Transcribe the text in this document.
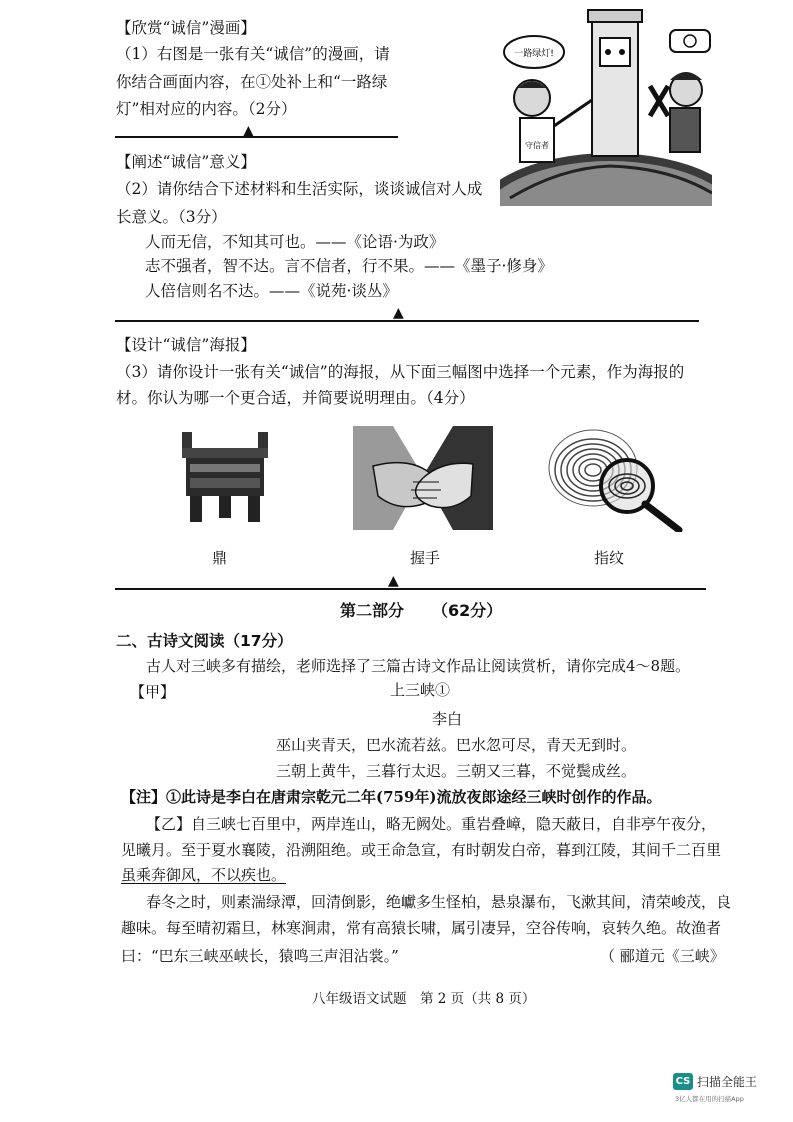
【欣赏“诚信”漫画】
（1）右图是一张有关“诚信”的漫画，请
你结合画面内容，在①处补上和“一路绿
灯”相对应的内容。（2分）
守信者
一路绿灯!
▲
【阐述“诚信”意义】
（2）请你结合下述材料和生活实际，谈谈诚信对人成
长意义。（3分）
人而无信，不知其可也。——《论语·为政》
志不强者，智不达。言不信者，行不果。——《墨子·修身》
人倍信则名不达。——《说苑·谈丛》
▲
【设计“诚信”海报】
（3）请你设计一张有关“诚信”的海报，从下面三幅图中选择一个元素，作为海报的
材。你认为哪一个更合适，并简要说明理由。（4分）
鼎	握手	指纹
▲
第二部分 （62分）
二、古诗文阅读（17分）
古人对三峡多有描绘，老师选择了三篇古诗文作品让阅读赏析，请你完成4～8题。
【甲】	上三峡①
李白
巫山夹青天，巴水流若兹。巴水忽可尽，青天无到时。
三朝上黄牛，三暮行太迟。三朝又三暮，不觉鬓成丝。
【注】①此诗是李白在唐肃宗乾元二年(759年)流放夜郎途经三峡时创作的作品。
【乙】自三峡七百里中，两岸连山，略无阙处。重岩叠嶂，隐天蔽日，自非亭午夜分，
见曦月。至于夏水襄陵，沿溯阻绝。或王命急宣，有时朝发白帝，暮到江陵，其间千二百里
虽乘奔御风，不以疾也。
春冬之时，则素湍绿潭，回清倒影，绝巘多生怪柏，悬泉瀑布，飞漱其间，清荣峻茂，良
趣味。每至晴初霜旦，林寒涧肃，常有高猿长啸，属引凄异，空谷传响，哀转久绝。故渔者
曰：“巴东三峡巫峡长，猿鸣三声泪沾裳。”	（ 郦道元《三峡》
八年级语文试题　第 2 页（共 8 页）
CS 扫描全能王
3亿人都在用的扫描App
